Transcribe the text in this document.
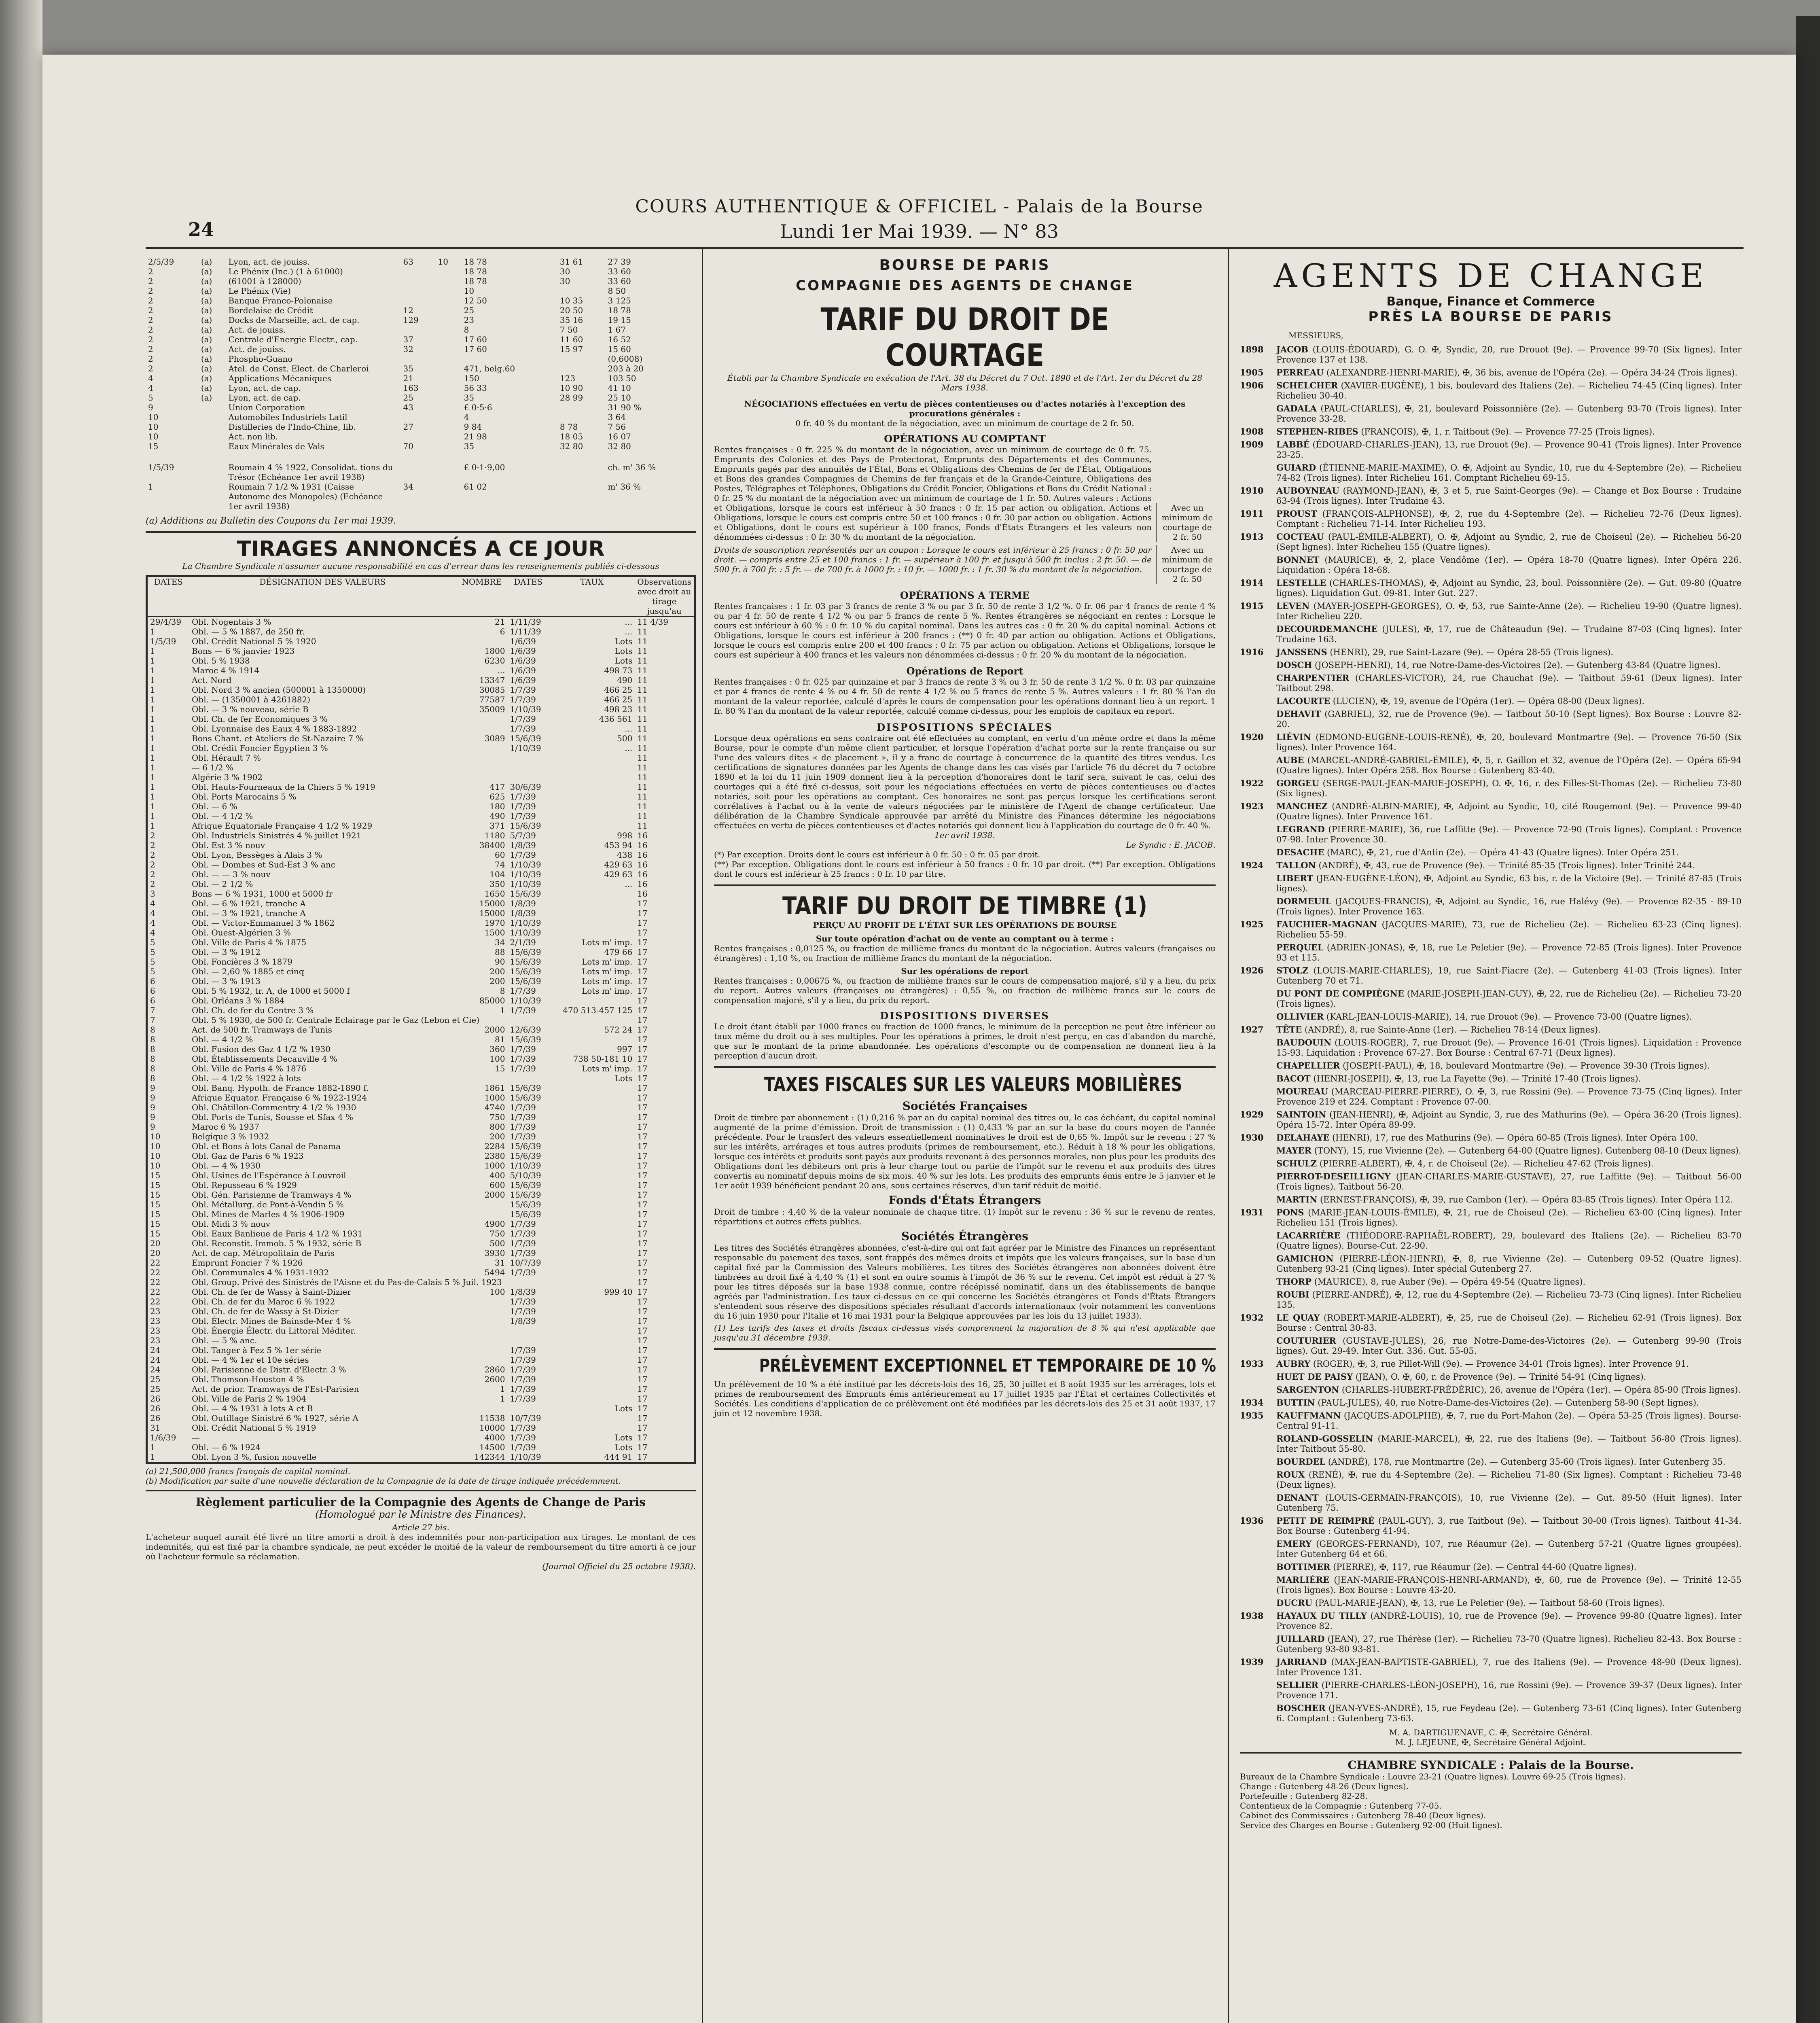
24
COURS AUTHENTIQUE & OFFICIEL - Palais de la Bourse
Lundi 1er Mai 1939. — N° 83
2/5/39	(a)	Lyon, act. de jouiss.	63	10	18 78	31 61	27 39
2	(a)	Le Phénix (Inc.) (1 à 61000)			18 78	30	33 60
2	(a)	(61001 à 128000)			18 78	30	33 60
2	(a)	Le Phénix (Vie)			10		8 50
2	(a)	Banque Franco-Polonaise			12 50	10 35	3 125
2	(a)	Bordelaise de Crédit	12		25	20 50	18 78
2	(a)	Docks de Marseille, act. de cap.	129		23	35 16	19 15
2	(a)	Act. de jouiss.			8	7 50	1 67
2	(a)	Centrale d'Energie Electr., cap.	37		17 60	11 60	16 52
2	(a)	Act. de jouiss.	32		17 60	15 97	15 60
2	(a)	Phospho-Guano					(0,6008)
2	(a)	Atel. de Const. Elect. de Charleroi	35		471, belg.60		203 à 20
4	(a)	Applications Mécaniques	21		150	123	103 50
4	(a)	Lyon, act. de cap.	163		56 33	10 90	41 10
5	(a)	Lyon, act. de cap.	25		35	28 99	25 10
9		Union Corporation	43		£ 0·5·6		31 90 %
10		Automobiles Industriels Latil			4		3 64
10		Distilleries de l'Indo-Chine, lib.	27		9 84	8 78	7 56
10		Act. non lib.			21 98	18 05	16 07
15		Eaux Minérales de Vals	70		35	32 80	32 80

1/5/39		Roumain 4 % 1922, Consolidat. tions du Trésor (Echéance 1er avril 1938)			£ 0·1·9,00		ch. m' 36 %
1		Roumain 7 1/2 % 1931 (Caisse Autonome des Monopoles) (Echéance 1er avril 1938)	34		61 02		m' 36 %
(a) Additions au Bulletin des Coupons du 1er mai 1939.
TIRAGES ANNONCÉS A CE JOUR
La Chambre Syndicale n'assumer aucune responsabilité en cas d'erreur dans les renseignements publiés ci-dessous
DATES	DÉSIGNATION DES VALEURS	NOMBRE	DATES	TAUX	Observations avec droit au tirage jusqu'au
29/4/39	Obl. Nogentais 3 %	21	1/11/39	...	11 4/39
1	Obl. — 5 % 1887, de 250 fr.	6	1/11/39	...	11
1/5/39	Obl. Crédit National 5 % 1920		1/6/39	Lots	11
1	Bons — 6 % janvier 1923	1800	1/6/39	Lots	11
1	Obl. 5 % 1938	6230	1/6/39	Lots	11
1	Maroc 4 % 1914	...	1/6/39	498 73	11
1	Act. Nord	13347	1/6/39	490	11
1	Obl. Nord 3 % ancien (500001 à 1350000)	30085	1/7/39	466 25	11
1	Obl. — (1350001 à 4261882)	77587	1/7/39	466 25	11
1	Obl. — 3 % nouveau, série B	35009	1/10/39	498 23	11
1	Obl. Ch. de fer Economiques 3 %		1/7/39	436 561	11
1	Obl. Lyonnaise des Eaux 4 % 1883-1892		1/7/39	...	11
1	Bons Chant. et Ateliers de St-Nazaire 7 %	3089	15/6/39	500	11
1	Obl. Crédit Foncier Égyptien 3 %		1/10/39	...	11
1	Obl. Hérault 7 %				11
1	— 6 1/2 %				11
1	Algérie 3 % 1902				11
1	Obl. Hauts-Fourneaux de la Chiers 5 % 1919	417	30/6/39		11
1	Obl. Ports Marocains 5 %	625	1/7/39		11
1	Obl. — 6 %	180	1/7/39		11
1	Obl. — 4 1/2 %	490	1/7/39		11
1	Afrique Equatoriale Française 4 1/2 % 1929	371	15/6/39		11
2	Obl. Industriels Sinistrés 4 % juillet 1921	1180	5/7/39	998	16
2	Obl. Est 3 % nouv	38400	1/8/39	453 94	16
2	Obl. Lyon, Bessèges à Alais 3 %	60	1/7/39	438	16
2	Obl. — Dombes et Sud-Est 3 % anc	74	1/10/39	429 63	16
2	Obl. — — 3 % nouv	104	1/10/39	429 63	16
2	Obl. — 2 1/2 %	350	1/10/39	...	16
3	Bons — 6 % 1931, 1000 et 5000 fr	1650	15/6/39		16
4	Obl. — 6 % 1921, tranche A	15000	1/8/39		17
4	Obl. — 3 % 1921, tranche A	15000	1/8/39		17
4	Obl. — Victor-Emmanuel 3 % 1862	1970	1/10/39		17
4	Obl. Ouest-Algérien 3 %	1500	1/10/39		17
5	Obl. Ville de Paris 4 % 1875	34	2/1/39	Lots m' imp.	17
5	Obl. — 3 % 1912	88	15/6/39	479 66	17
5	Obl. Foncières 3 % 1879	90	15/6/39	Lots m' imp.	17
5	Obl. — 2,60 % 1885 et cinq	200	15/6/39	Lots m' imp.	17
6	Obl. — 3 % 1913	200	15/6/39	Lots m' imp.	17
6	Obl. 5 % 1932, tr. A, de 1000 et 5000 f	8	1/7/39	Lots m' imp.	17
6	Obl. Orléans 3 % 1884	85000	1/10/39		17
7	Obl. Ch. de fer du Centre 3 %	1	1/7/39	470 513-457 125	17
7	Obl. 5 % 1930, de 500 fr. Centrale Eclairage par le Gaz (Lebon et Cie)				17
8	Act. de 500 fr. Tramways de Tunis	2000	12/6/39	572 24	17
8	Obl. — 4 1/2 %	81	15/6/39		17
8	Obl. Fusion des Gaz 4 1/2 % 1930	360	1/7/39	997	17
8	Obl. Établissements Decauville 4 %	100	1/7/39	738 50-181 10	17
8	Obl. Ville de Paris 4 % 1876	15	1/7/39	Lots m' imp.	17
8	Obl. — 4 1/2 % 1922 à lots			Lots	17
9	Obl. Banq. Hypoth. de France 1882-1890 f.	1861	15/6/39		17
9	Afrique Equator. Française 6 % 1922-1924	1000	15/6/39		17
9	Obl. Châtillon-Commentry 4 1/2 % 1930	4740	1/7/39		17
9	Obl. Ports de Tunis, Sousse et Sfax 4 %	750	1/7/39		17
9	Maroc 6 % 1937	800	1/7/39		17
10	Belgique 3 % 1932	200	1/7/39		17
10	Obl. et Bons à lots Canal de Panama	2284	15/6/39		17
10	Obl. Gaz de Paris 6 % 1923	2380	15/6/39		17
10	Obl. — 4 % 1930	1000	1/10/39		17
15	Obl. Usines de l'Espérance à Louvroil	400	5/10/39		17
15	Obl. Repusseau 6 % 1929	600	15/6/39		17
15	Obl. Gén. Parisienne de Tramways 4 %	2000	15/6/39		17
15	Obl. Métallurg. de Pont-à-Vendin 5 %		15/6/39		17
15	Obl. Mines de Marles 4 % 1906-1909		15/6/39		17
15	Obl. Midi 3 % nouv	4900	1/7/39		17
15	Obl. Eaux Banlieue de Paris 4 1/2 % 1931	750	1/7/39		17
20	Obl. Reconstit. Immob. 5 % 1932, série B	500	1/7/39		17
20	Act. de cap. Métropolitain de Paris	3930	1/7/39		17
22	Emprunt Foncier 7 % 1926	31	10/7/39		17
22	Obl. Communales 4 % 1931-1932	5494	1/7/39		17
22	Obl. Group. Privé des Sinistrés de l'Aisne et du Pas-de-Calais 5 % Juil. 1923				17
22	Obl. Ch. de fer de Wassy à Saint-Dizier	100	1/8/39	999 40	17
22	Obl. Ch. de fer du Maroc 6 % 1922		1/7/39		17
23	Obl. Ch. de fer de Wassy à St-Dizier		1/7/39		17
23	Obl. Électr. Mines de Bainsde-Mer 4 %		1/8/39		17
23	Obl. Énergie Électr. du Littoral Méditer.				17
23	Obl. — 5 % anc.				17
24	Obl. Tanger à Fez 5 % 1er série		1/7/39		17
24	Obl. — 4 % 1er et 10e séries		1/7/39		17
24	Obl. Parisienne de Distr. d'Electr. 3 %	2860	1/7/39		17
25	Obl. Thomson-Houston 4 %	2600	1/7/39		17
25	Act. de prior. Tramways de l'Est-Parisien	1	1/7/39		17
26	Obl. Ville de Paris 2 % 1904	1	1/7/39		17
26	Obl. — 4 % 1931 à lots A et B			Lots	17
26	Obl. Outillage Sinistré 6 % 1927, série A	11538	10/7/39		17
31	Obl. Crédit National 5 % 1919	10000	1/7/39		17
1/6/39	—	4000	1/7/39	Lots	17
1	Obl. — 6 % 1924	14500	1/7/39	Lots	17
1	Obl. Lyon 3 %, fusion nouvelle	142344	1/10/39	444 91	17
(a) 21,500,000 francs français de capital nominal.
(b) Modification par suite d'une nouvelle déclaration de la Compagnie de la date de tirage indiquée précédemment.
Règlement particulier de la Compagnie des Agents de Change de Paris
(Homologué par le Ministre des Finances).
Article 27 bis.
L'acheteur auquel aurait été livré un titre amorti a droit à des indemnités pour non-participation aux tirages. Le montant de ces indemnités, qui est fixé par la chambre syndicale, ne peut excéder le moitié de la valeur de remboursement du titre amorti à ce jour où l'acheteur formule sa réclamation.
(Journal Officiel du 25 octobre 1938).
BOURSE DE PARIS
COMPAGNIE DES AGENTS DE CHANGE
TARIF DU DROIT DE COURTAGE
Établi par la Chambre Syndicale en exécution de l'Art. 38 du Décret du 7 Oct. 1890 et de l'Art. 1er du Décret du 28 Mars 1938.
NÉGOCIATIONS effectuées en vertu de pièces contentieuses ou d'actes notariés à l'exception des procurations générales :
0 fr. 40 % du montant de la négociation, avec un minimum de courtage de 2 fr. 50.
OPÉRATIONS AU COMPTANT
Rentes françaises : 0 fr. 225 % du montant de la négociation, avec un minimum de courtage de 0 fr. 75. Emprunts des Colonies et des Pays de Protectorat, Emprunts des Départements et des Communes, Emprunts gagés par des annuités de l'État, Bons et Obligations des Chemins de fer de l'État, Obligations et Bons des grandes Compagnies de Chemins de fer français et de la Grande-Ceinture, Obligations des Postes, Télégraphes et Téléphones, Obligations du Crédit Foncier, Obligations et Bons du Crédit National : 0 fr. 25 % du montant de la négociation avec un minimum de courtage de 1 fr. 50. Autres valeurs : Actions et Obligations, lorsque le cours est inférieur à 50 francs : 0 fr. 15 par action ou obligation. Actions et Obligations, lorsque le cours est compris entre 50 et 100 francs : 0 fr. 30 par action ou obligation. Actions et Obligations, dont le cours est supérieur à 100 francs, Fonds d'États Étrangers et les valeurs non dénommées ci-dessus : 0 fr. 30 % du montant de la négociation.
Avec un minimum de courtage de 2 fr. 50
Droits de souscription représentés par un coupon : Lorsque le cours est inférieur à 25 francs : 0 fr. 50 par droit. — compris entre 25 et 100 francs : 1 fr. — supérieur à 100 fr. et jusqu'à 500 fr. inclus : 2 fr. 50. — de 500 fr. à 700 fr. : 5 fr. — de 700 fr. à 1000 fr. : 10 fr. — 1000 fr. : 1 fr. 30 % du montant de la négociation.
Avec un minimum de courtage de 2 fr. 50
OPÉRATIONS A TERME
Rentes françaises : 1 fr. 03 par 3 francs de rente 3 % ou par 3 fr. 50 de rente 3 1/2 %. 0 fr. 06 par 4 francs de rente 4 % ou par 4 fr. 50 de rente 4 1/2 % ou par 5 francs de rente 5 %. Rentes étrangères se négociant en rentes : Lorsque le cours est inférieur à 60 % : 0 fr. 10 % du capital nominal. Dans les autres cas : 0 fr. 20 % du capital nominal. Actions et Obligations, lorsque le cours est inférieur à 200 francs : (**) 0 fr. 40 par action ou obligation. Actions et Obligations, lorsque le cours est compris entre 200 et 400 francs : 0 fr. 75 par action ou obligation. Actions et Obligations, lorsque le cours est supérieur à 400 francs et les valeurs non dénommées ci-dessus : 0 fr. 20 % du montant de la négociation.
Opérations de Report
Rentes françaises : 0 fr. 025 par quinzaine et par 3 francs de rente 3 % ou 3 fr. 50 de rente 3 1/2 %. 0 fr. 03 par quinzaine et par 4 francs de rente 4 % ou 4 fr. 50 de rente 4 1/2 % ou 5 francs de rente 5 %. Autres valeurs : 1 fr. 80 % l'an du montant de la valeur reportée, calculé d'après le cours de compensation pour les opérations donnant lieu à un report. 1 fr. 80 % l'an du montant de la valeur reportée, calculé comme ci-dessus, pour les emplois de capitaux en report.
DISPOSITIONS SPÉCIALES
Lorsque deux opérations en sens contraire ont été effectuées au comptant, en vertu d'un même ordre et dans la même Bourse, pour le compte d'un même client particulier, et lorsque l'opération d'achat porte sur la rente française ou sur l'une des valeurs dites « de placement », il y a franc de courtage à concurrence de la quantité des titres vendus. Les certifications de signatures données par les Agents de change dans les cas visés par l'article 76 du décret du 7 octobre 1890 et la loi du 11 juin 1909 donnent lieu à la perception d'honoraires dont le tarif sera, suivant le cas, celui des courtages qui a été fixé ci-dessus, soit pour les négociations effectuées en vertu de pièces contentieuses ou d'actes notariés, soit pour les opérations au comptant. Ces honoraires ne sont pas perçus lorsque les certifications seront corrélatives à l'achat ou à la vente de valeurs négociées par le ministère de l'Agent de change certificateur. Une délibération de la Chambre Syndicale approuvée par arrêté du Ministre des Finances détermine les négociations effectuées en vertu de pièces contentieuses et d'actes notariés qui donnent lieu à l'application du courtage de 0 fr. 40 %.
1er avril 1938.
Le Syndic : E. JACOB.
(*) Par exception. Droits dont le cours est inférieur à 0 fr. 50 : 0 fr. 05 par droit.
(**) Par exception. Obligations dont le cours est inférieur à 50 francs : 0 fr. 10 par droit. (**) Par exception. Obligations dont le cours est inférieur à 25 francs : 0 fr. 10 par titre.
TARIF DU DROIT DE TIMBRE (1)
PERÇU AU PROFIT DE L'ÉTAT SUR LES OPÉRATIONS DE BOURSE
Sur toute opération d'achat ou de vente au comptant ou à terme :
Rentes françaises : 0,0125 %, ou fraction de millième francs du montant de la négociation. Autres valeurs (françaises ou étrangères) : 1,10 %, ou fraction de millième francs du montant de la négociation.
Sur les opérations de report
Rentes françaises : 0,00675 %, ou fraction de millième francs sur le cours de compensation majoré, s'il y a lieu, du prix du report. Autres valeurs (françaises ou étrangères) : 0,55 %, ou fraction de millième francs sur le cours de compensation majoré, s'il y a lieu, du prix du report.
DISPOSITIONS DIVERSES
Le droit étant établi par 1000 francs ou fraction de 1000 francs, le minimum de la perception ne peut être inférieur au taux même du droit ou à ses multiples. Pour les opérations à primes, le droit n'est perçu, en cas d'abandon du marché, que sur le montant de la prime abandonnée. Les opérations d'escompte ou de compensation ne donnent lieu à la perception d'aucun droit.
TAXES FISCALES SUR LES VALEURS MOBILIÈRES
Sociétés Françaises
Droit de timbre par abonnement : (1) 0,216 % par an du capital nominal des titres ou, le cas échéant, du capital nominal augmenté de la prime d'émission. Droit de transmission : (1) 0,433 % par an sur la base du cours moyen de l'année précédente. Pour le transfert des valeurs essentiellement nominatives le droit est de 0,65 %. Impôt sur le revenu : 27 % sur les intérêts, arrérages et tous autres produits (primes de remboursement, etc.). Réduit à 18 % pour les obligations, lorsque ces intérêts et produits sont payés aux produits revenant à des personnes morales, non plus pour les produits des Obligations dont les débiteurs ont pris à leur charge tout ou partie de l'impôt sur le revenu et aux produits des titres convertis au nominatif depuis moins de six mois. 40 % sur les lots. Les produits des emprunts émis entre le 5 janvier et le 1er août 1939 bénéficient pendant 20 ans, sous certaines réserves, d'un tarif réduit de moitié.
Fonds d'États Étrangers
Droit de timbre : 4,40 % de la valeur nominale de chaque titre. (1) Impôt sur le revenu : 36 % sur le revenu de rentes, répartitions et autres effets publics.
Sociétés Étrangères
Les titres des Sociétés étrangères abonnées, c'est-à-dire qui ont fait agréer par le Ministre des Finances un représentant responsable du paiement des taxes, sont frappés des mêmes droits et impôts que les valeurs françaises, sur la base d'un capital fixé par la Commission des Valeurs mobilières. Les titres des Sociétés étrangères non abonnées doivent être timbrées au droit fixé à 4,40 % (1) et sont en outre soumis à l'impôt de 36 % sur le revenu. Cet impôt est réduit à 27 % pour les titres déposés sur la base 1938 connue, contre récépissé nominatif, dans un des établissements de banque agréés par l'administration. Les taux ci-dessus en ce qui concerne les Sociétés étrangères et Fonds d'États Étrangers s'entendent sous réserve des dispositions spéciales résultant d'accords internationaux (voir notamment les conventions du 16 juin 1930 pour l'Italie et 16 mai 1931 pour la Belgique approuvées par les lois du 13 juillet 1933).
(1) Les tarifs des taxes et droits fiscaux ci-dessus visés comprennent la majoration de 8 % qui n'est applicable que jusqu'au 31 décembre 1939.
PRÉLÈVEMENT EXCEPTIONNEL ET TEMPORAIRE DE 10 %
Un prélèvement de 10 % a été institué par les décrets-lois des 16, 25, 30 juillet et 8 août 1935 sur les arrérages, lots et primes de remboursement des Emprunts émis antérieurement au 17 juillet 1935 par l'État et certaines Collectivités et Sociétés. Les conditions d'application de ce prélèvement ont été modifiées par les décrets-lois des 25 et 31 août 1937, 17 juin et 12 novembre 1938.
AGENTS DE CHANGE
Banque, Finance et Commerce
PRÈS LA BOURSE DE PARIS
MESSIEURS,
1898 JACOB (LOUIS-ÉDOUARD), G. O. ✠, Syndic, 20, rue Drouot (9e). — Provence 99-70 (Six lignes). Inter Provence 137 et 138.
1905 PERREAU (ALEXANDRE-HENRI-MARIE), ✠, 36 bis, avenue de l'Opéra (2e). — Opéra 34-24 (Trois lignes).
1906 SCHELCHER (XAVIER-EUGÈNE), 1 bis, boulevard des Italiens (2e). — Richelieu 74-45 (Cinq lignes). Inter Richelieu 30-40.
GADALA (PAUL-CHARLES), ✠, 21, boulevard Poissonnière (2e). — Gutenberg 93-70 (Trois lignes). Inter Provence 33-28.
1908 STEPHEN-RIBES (FRANÇOIS), ✠, 1, r. Taitbout (9e). — Provence 77-25 (Trois lignes).
1909 LABBÉ (ÉDOUARD-CHARLES-JEAN), 13, rue Drouot (9e). — Provence 90-41 (Trois lignes). Inter Provence 23-25.
GUIARD (ÉTIENNE-MARIE-MAXIME), O. ✠, Adjoint au Syndic, 10, rue du 4-Septembre (2e). — Richelieu 74-82 (Trois lignes). Inter Richelieu 161. Comptant Richelieu 69-15.
1910 AUBOYNEAU (RAYMOND-JEAN), ✠, 3 et 5, rue Saint-Georges (9e). — Change et Box Bourse : Trudaine 63-94 (Trois lignes). Inter Trudaine 43.
1911 PROUST (FRANÇOIS-ALPHONSE), ✠, 2, rue du 4-Septembre (2e). — Richelieu 72-76 (Deux lignes). Comptant : Richelieu 71-14. Inter Richelieu 193.
1913 COCTEAU (PAUL-ÉMILE-ALBERT), O. ✠, Adjoint au Syndic, 2, rue de Choiseul (2e). — Richelieu 56-20 (Sept lignes). Inter Richelieu 155 (Quatre lignes).
BONNET (MAURICE), ✠, 2, place Vendôme (1er). — Opéra 18-70 (Quatre lignes). Inter Opéra 226. Liquidation : Opéra 18-68.
1914 LESTELLE (CHARLES-THOMAS), ✠, Adjoint au Syndic, 23, boul. Poissonnière (2e). — Gut. 09-80 (Quatre lignes). Liquidation Gut. 09-81. Inter Gut. 227.
1915 LEVEN (MAYER-JOSEPH-GEORGES), O. ✠, 53, rue Sainte-Anne (2e). — Richelieu 19-90 (Quatre lignes). Inter Richelieu 220.
DECOURDEMANCHE (JULES), ✠, 17, rue de Châteaudun (9e). — Trudaine 87-03 (Cinq lignes). Inter Trudaine 163.
1916 JANSSENS (HENRI), 29, rue Saint-Lazare (9e). — Opéra 28-55 (Trois lignes).
DOSCH (JOSEPH-HENRI), 14, rue Notre-Dame-des-Victoires (2e). — Gutenberg 43-84 (Quatre lignes).
CHARPENTIER (CHARLES-VICTOR), 24, rue Chauchat (9e). — Taitbout 59-61 (Deux lignes). Inter Taitbout 298.
LACOURTE (LUCIEN), ✠, 19, avenue de l'Opéra (1er). — Opéra 08-00 (Deux lignes).
DEHAVIT (GABRIEL), 32, rue de Provence (9e). — Taitbout 50-10 (Sept lignes). Box Bourse : Louvre 82-20.
1920 LIÉVIN (EDMOND-EUGÈNE-LOUIS-RENÉ), ✠, 20, boulevard Montmartre (9e). — Provence 76-50 (Six lignes). Inter Provence 164.
AUBE (MARCEL-ANDRÉ-GABRIEL-ÉMILE), ✠, 5, r. Gaillon et 32, avenue de l'Opéra (2e). — Opéra 65-94 (Quatre lignes). Inter Opéra 258. Box Bourse : Gutenberg 83-40.
1922 GORGEU (SERGE-PAUL-JEAN-MARIE-JOSEPH), O. ✠, 16, r. des Filles-St-Thomas (2e). — Richelieu 73-80 (Six lignes).
1923 MANCHEZ (ANDRÉ-ALBIN-MARIE), ✠, Adjoint au Syndic, 10, cité Rougemont (9e). — Provence 99-40 (Quatre lignes). Inter Provence 161.
LEGRAND (PIERRE-MARIE), 36, rue Laffitte (9e). — Provence 72-90 (Trois lignes). Comptant : Provence 07-98. Inter Provence 30.
DESACHE (MARC), ✠, 21, rue d'Antin (2e). — Opéra 41-43 (Quatre lignes). Inter Opéra 251.
1924 TALLON (ANDRÉ), ✠, 43, rue de Provence (9e). — Trinité 85-35 (Trois lignes). Inter Trinité 244.
LIBERT (JEAN-EUGÈNE-LÉON), ✠, Adjoint au Syndic, 63 bis, r. de la Victoire (9e). — Trinité 87-85 (Trois lignes).
DORMEUIL (JACQUES-FRANCIS), ✠, Adjoint au Syndic, 16, rue Halévy (9e). — Provence 82-35 - 89-10 (Trois lignes). Inter Provence 163.
1925 FAUCHIER-MAGNAN (JACQUES-MARIE), 73, rue de Richelieu (2e). — Richelieu 63-23 (Cinq lignes). Richelieu 55-59.
PERQUEL (ADRIEN-JONAS), ✠, 18, rue Le Peletier (9e). — Provence 72-85 (Trois lignes). Inter Provence 93 et 115.
1926 STOLZ (LOUIS-MARIE-CHARLES), 19, rue Saint-Fiacre (2e). — Gutenberg 41-03 (Trois lignes). Inter Gutenberg 70 et 71.
DU PONT DE COMPIÈGNE (MARIE-JOSEPH-JEAN-GUY), ✠, 22, rue de Richelieu (2e). — Richelieu 73-20 (Trois lignes).
OLLIVIER (KARL-JEAN-LOUIS-MARIE), 14, rue Drouot (9e). — Provence 73-00 (Quatre lignes).
1927 TÊTE (ANDRÉ), 8, rue Sainte-Anne (1er). — Richelieu 78-14 (Deux lignes).
BAUDOUIN (LOUIS-ROGER), 7, rue Drouot (9e). — Provence 16-01 (Trois lignes). Liquidation : Provence 15-93. Liquidation : Provence 67-27. Box Bourse : Central 67-71 (Deux lignes).
CHAPELLIER (JOSEPH-PAUL), ✠, 18, boulevard Montmartre (9e). — Provence 39-30 (Trois lignes).
BACOT (HENRI-JOSEPH), ✠, 13, rue La Fayette (9e). — Trinité 17-40 (Trois lignes).
MOUREAU (MARCEAU-PIERRE-PIERRE), O. ✠, 3, rue Rossini (9e). — Provence 73-75 (Cinq lignes). Inter Provence 219 et 224. Comptant : Provence 07-00.
1929 SAINTOIN (JEAN-HENRI), ✠, Adjoint au Syndic, 3, rue des Mathurins (9e). — Opéra 36-20 (Trois lignes). Opéra 15-72. Inter Opéra 89-99.
1930 DELAHAYE (HENRI), 17, rue des Mathurins (9e). — Opéra 60-85 (Trois lignes). Inter Opéra 100.
MAYER (TONY), 15, rue Vivienne (2e). — Gutenberg 64-00 (Quatre lignes). Gutenberg 08-10 (Deux lignes).
SCHULZ (PIERRE-ALBERT), ✠, 4, r. de Choiseul (2e). — Richelieu 47-62 (Trois lignes).
PIERROT-DESEILLIGNY (JEAN-CHARLES-MARIE-GUSTAVE), 27, rue Laffitte (9e). — Taitbout 56-00 (Trois lignes). Taitbout 56-20.
MARTIN (ERNEST-FRANÇOIS), ✠, 39, rue Cambon (1er). — Opéra 83-85 (Trois lignes). Inter Opéra 112.
1931 PONS (MARIE-JEAN-LOUIS-ÉMILE), ✠, 21, rue de Choiseul (2e). — Richelieu 63-00 (Cinq lignes). Inter Richelieu 151 (Trois lignes).
LACARRIÈRE (THÉODORE-RAPHAËL-ROBERT), 29, boulevard des Italiens (2e). — Richelieu 83-70 (Quatre lignes). Bourse-Cut. 22-90.
GAMICHON (PIERRE-LÉON-HENRI), ✠, 8, rue Vivienne (2e). — Gutenberg 09-52 (Quatre lignes). Gutenberg 93-21 (Cinq lignes). Inter spécial Gutenberg 27.
THORP (MAURICE), 8, rue Auber (9e). — Opéra 49-54 (Quatre lignes).
ROUBI (PIERRE-ANDRÉ), ✠, 12, rue du 4-Septembre (2e). — Richelieu 73-73 (Cinq lignes). Inter Richelieu 135.
1932 LE QUAY (ROBERT-MARIE-ALBERT), ✠, 25, rue de Choiseul (2e). — Richelieu 62-91 (Trois lignes). Box Bourse : Central 30-83.
COUTURIER (GUSTAVE-JULES), 26, rue Notre-Dame-des-Victoires (2e). — Gutenberg 99-90 (Trois lignes). Gut. 29-49. Inter Gut. 336. Gut. 55-05.
1933 AUBRY (ROGER), ✠, 3, rue Pillet-Will (9e). — Provence 34-01 (Trois lignes). Inter Provence 91.
HUET DE PAISY (JEAN), O. ✠, 60, r. de Provence (9e). — Trinité 54-91 (Cinq lignes).
SARGENTON (CHARLES-HUBERT-FRÉDÉRIC), 26, avenue de l'Opéra (1er). — Opéra 85-90 (Trois lignes).
1934 BUTTIN (PAUL-JULES), 40, rue Notre-Dame-des-Victoires (2e). — Gutenberg 58-90 (Sept lignes).
1935 KAUFFMANN (JACQUES-ADOLPHE), ✠, 7, rue du Port-Mahon (2e). — Opéra 53-25 (Trois lignes). Bourse-Central 91-11.
ROLAND-GOSSELIN (MARIE-MARCEL), ✠, 22, rue des Italiens (9e). — Taitbout 56-80 (Trois lignes). Inter Taitbout 55-80.
BOURDEL (ANDRÉ), 178, rue Montmartre (2e). — Gutenberg 35-60 (Trois lignes). Inter Gutenberg 35.
ROUX (RENÉ), ✠, rue du 4-Septembre (2e). — Richelieu 71-80 (Six lignes). Comptant : Richelieu 73-48 (Deux lignes).
DENANT (LOUIS-GERMAIN-FRANÇOIS), 10, rue Vivienne (2e). — Gut. 89-50 (Huit lignes). Inter Gutenberg 75.
1936 PETIT DE REIMPRÉ (PAUL-GUY), 3, rue Taitbout (9e). — Taitbout 30-00 (Trois lignes). Taitbout 41-34. Box Bourse : Gutenberg 41-94.
EMERY (GEORGES-FERNAND), 107, rue Réaumur (2e). — Gutenberg 57-21 (Quatre lignes groupées). Inter Gutenberg 64 et 66.
BOTTIMER (PIERRE), ✠, 117, rue Réaumur (2e). — Central 44-60 (Quatre lignes).
MARLIÈRE (JEAN-MARIE-FRANÇOIS-HENRI-ARMAND), ✠, 60, rue de Provence (9e). — Trinité 12-55 (Trois lignes). Box Bourse : Louvre 43-20.
DUCRU (PAUL-MARIE-JEAN), ✠, 13, rue Le Peletier (9e). — Taitbout 58-60 (Trois lignes).
1938 HAYAUX DU TILLY (ANDRÉ-LOUIS), 10, rue de Provence (9e). — Provence 99-80 (Quatre lignes). Inter Provence 82.
JUILLARD (JEAN), 27, rue Thérèse (1er). — Richelieu 73-70 (Quatre lignes). Richelieu 82-43. Box Bourse : Gutenberg 93-80 93-81.
1939 JARRIAND (MAX-JEAN-BAPTISTE-GABRIEL), 7, rue des Italiens (9e). — Provence 48-90 (Deux lignes). Inter Provence 131.
SELLIER (PIERRE-CHARLES-LÉON-JOSEPH), 16, rue Rossini (9e). — Provence 39-37 (Deux lignes). Inter Provence 171.
BOSCHER (JEAN-YVES-ANDRÉ), 15, rue Feydeau (2e). — Gutenberg 73-61 (Cinq lignes). Inter Gutenberg 6. Comptant : Gutenberg 73-63.
M. A. DARTIGUENAVE, C. ✠, Secrétaire Général.
M. J. LEJEUNE, ✠, Secrétaire Général Adjoint.
CHAMBRE SYNDICALE : Palais de la Bourse.
Bureaux de la Chambre Syndicale : Louvre 23-21 (Quatre lignes). Louvre 69-25 (Trois lignes).
Change : Gutenberg 48-26 (Deux lignes).
Portefeuille : Gutenberg 82-28.
Contentieux de la Compagnie : Gutenberg 77-05.
Cabinet des Commissaires : Gutenberg 78-40 (Deux lignes).
Service des Charges en Bourse : Gutenberg 92-00 (Huit lignes).
